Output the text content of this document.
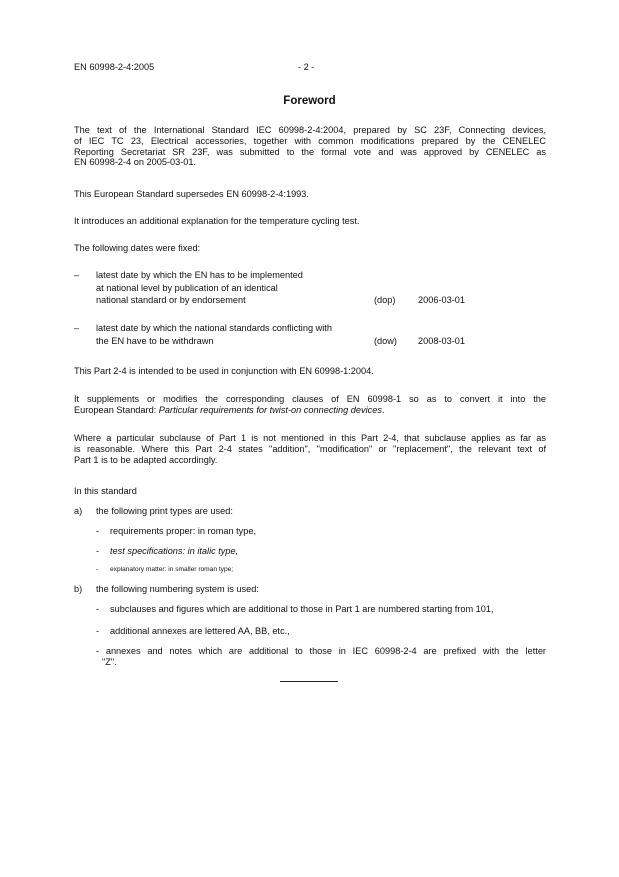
EN 60998-2-4:2005	- 2 -
Foreword
The text of the International Standard IEC 60998-2-4:2004, prepared by SC 23F, Connecting devices,
of IEC TC 23, Electrical accessories, together with common modifications prepared by the CENELEC
Reporting Secretariat SR 23F, was submitted to the formal vote and was approved by CENELEC as
EN 60998-2-4 on 2005-03-01.
This European Standard supersedes EN 60998-2-4:1993.
It introduces an additional explanation for the temperature cycling test.
The following dates were fixed:
– latest date by which the EN has to be implemented
at national level by publication of an identical
national standard or by endorsement	(dop) 2006-03-01
– latest date by which the national standards conflicting with
the EN have to be withdrawn	(dow) 2008-03-01
This Part 2-4 is intended to be used in conjunction with EN 60998-1:2004.
It supplements or modifies the corresponding clauses of EN 60998-1 so as to convert it into the
European Standard: Particular requirements for twist-on connecting devices.
Where a particular subclause of Part 1 is not mentioned in this Part 2-4, that subclause applies as far as
is reasonable. Where this Part 2-4 states "addition", "modification" or "replacement", the relevant text of
Part 1 is to be adapted accordingly.
In this standard
a) the following print types are used:
- requirements proper: in roman type,
- test specifications: in italic type,
- explanatory matter: in smaller roman type;
b) the following numbering system is used:
- subclauses and figures which are additional to those in Part 1 are numbered starting from 101,
- additional annexes are lettered AA, BB, etc.,
- annexes and notes which are additional to those in IEC 60998-2-4 are prefixed with the letter
"Z".
